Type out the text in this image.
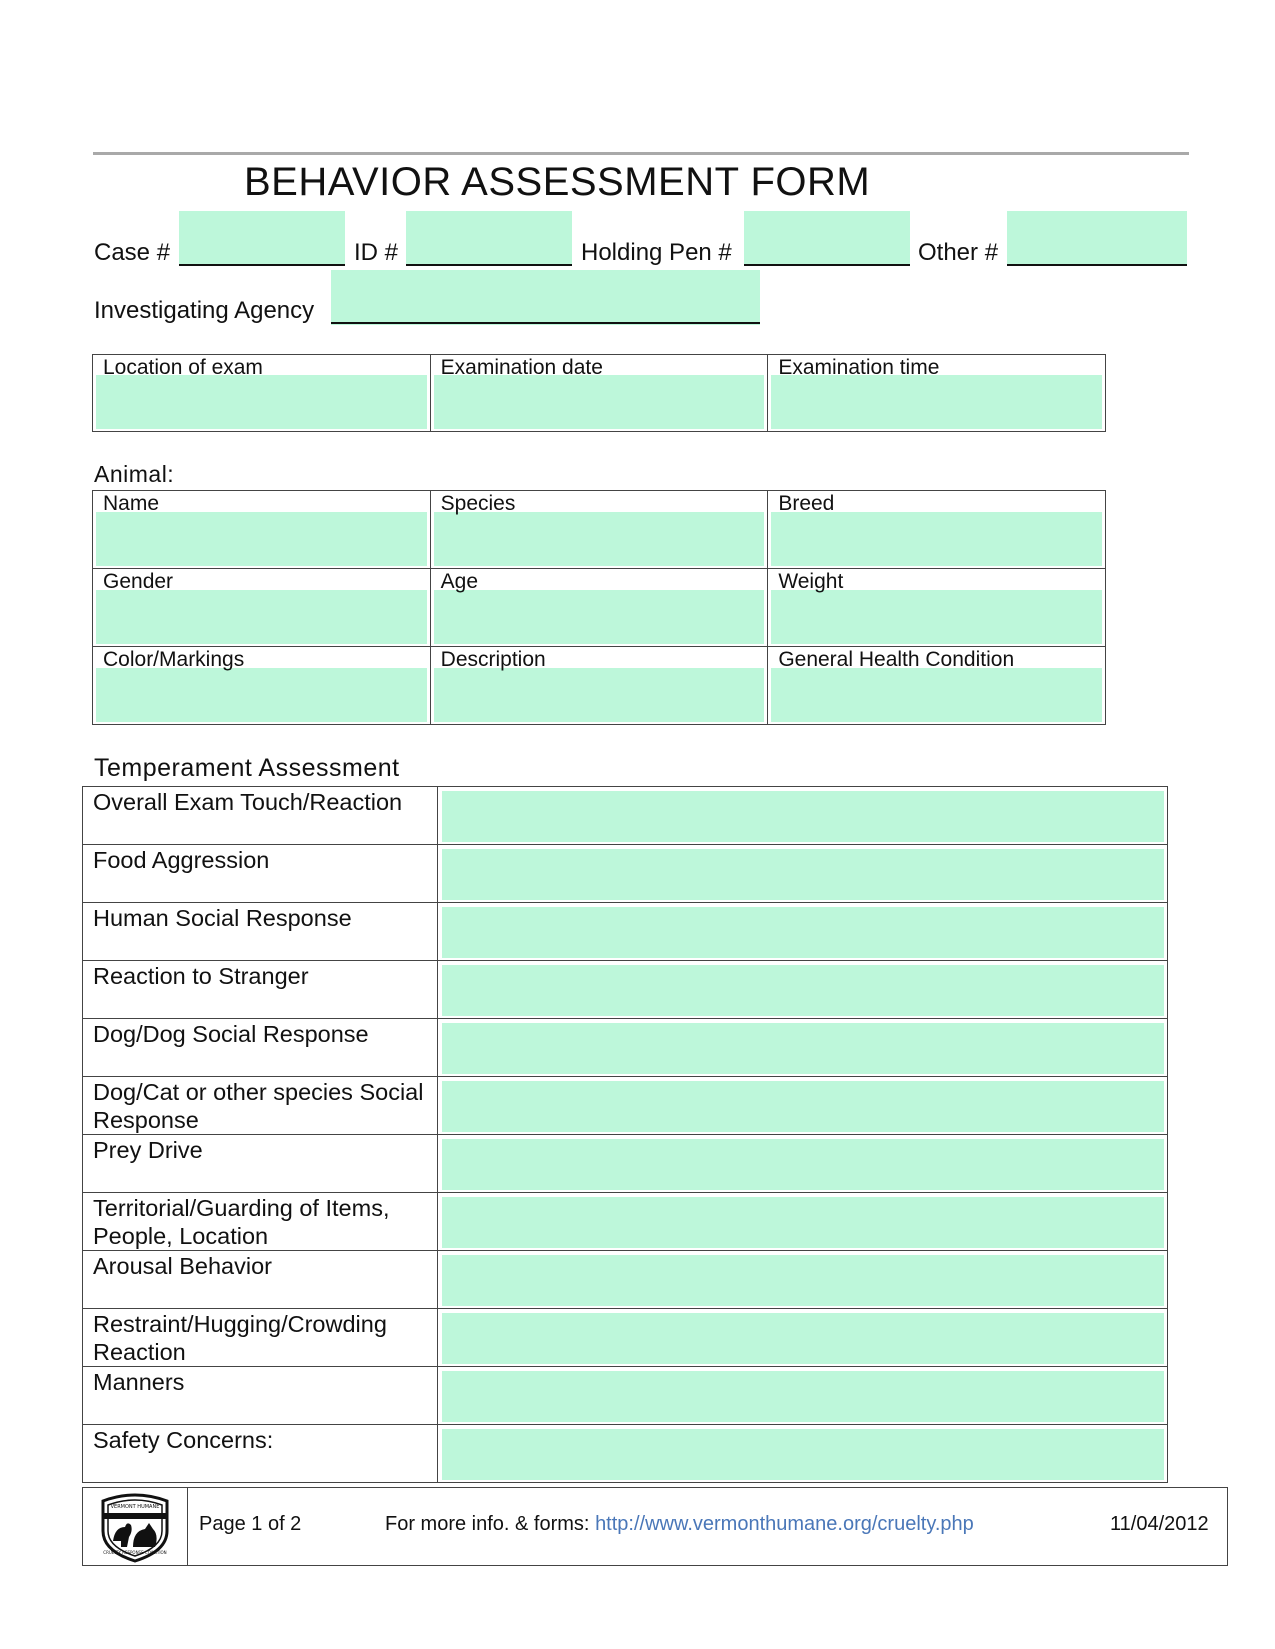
BEHAVIOR ASSESSMENT FORM
Case #	ID #	Holding Pen #	Other #
Investigating Agency
Location of exam	Examination date	Examination time
Animal:
Name	Species	Breed

Gender	Age	Weight

Color/Markings	Description	General Health Condition
Temperament Assessment
Overall Exam Touch/Reaction	

Food Aggression	

Human Social Response	

Reaction to Stranger	

Dog/Dog Social Response	

Dog/Cat or other species Social Response	

Prey Drive	

Territorial/Guarding of Items, People, Location	

Arousal Behavior	

Restraint/Hugging/Crowding Reaction	

Manners	

Safety Concerns:	

VERMONT HUMANE
CRUELTY RESPONSE COALITION
Page 1 of 2	For more info. & forms: http://www.vermonthumane.org/cruelty.php	11/04/2012
